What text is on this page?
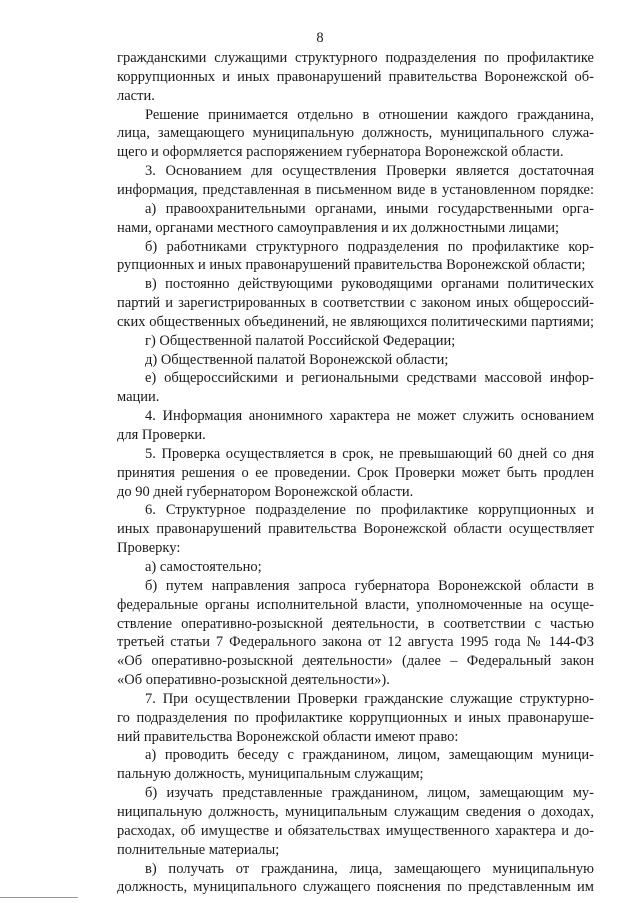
8
гражданскими служащими структурного подразделения по профилактике
коррупционных и иных правонарушений правительства Воронежской об-
ласти.
Решение принимается отдельно в отношении каждого гражданина,
лица, замещающего муниципальную должность, муниципального служа-
щего и оформляется распоряжением губернатора Воронежской области.
3. Основанием для осуществления Проверки является достаточная
информация, представленная в письменном виде в установленном порядке:
а) правоохранительными органами, иными государственными орга-
нами, органами местного самоуправления и их должностными лицами;
б) работниками структурного подразделения по профилактике кор-
рупционных и иных правонарушений правительства Воронежской области;
в) постоянно действующими руководящими органами политических
партий и зарегистрированных в соответствии с законом иных общероссий-
ских общественных объединений, не являющихся политическими партиями;
г) Общественной палатой Российской Федерации;
д) Общественной палатой Воронежской области;
е) общероссийскими и региональными средствами массовой инфор-
мации.
4. Информация анонимного характера не может служить основанием
для Проверки.
5. Проверка осуществляется в срок, не превышающий 60 дней со дня
принятия решения о ее проведении. Срок Проверки может быть продлен
до 90 дней губернатором Воронежской области.
6. Структурное подразделение по профилактике коррупционных и
иных правонарушений правительства Воронежской области осуществляет
Проверку:
а) самостоятельно;
б) путем направления запроса губернатора Воронежской области в
федеральные органы исполнительной власти, уполномоченные на осуще-
ствление оперативно-розыскной деятельности, в соответствии с частью
третьей статьи 7 Федерального закона от 12 августа 1995 года № 144-ФЗ
«Об оперативно-розыскной деятельности» (далее – Федеральный закон
«Об оперативно-розыскной деятельности»).
7. При осуществлении Проверки гражданские служащие структурно-
го подразделения по профилактике коррупционных и иных правонаруше-
ний правительства Воронежской области имеют право:
а) проводить беседу с гражданином, лицом, замещающим муници-
пальную должность, муниципальным служащим;
б) изучать представленные гражданином, лицом, замещающим му-
ниципальную должность, муниципальным служащим сведения о доходах,
расходах, об имуществе и обязательствах имущественного характера и до-
полнительные материалы;
в) получать от гражданина, лица, замещающего муниципальную
должность, муниципального служащего пояснения по представленным им
